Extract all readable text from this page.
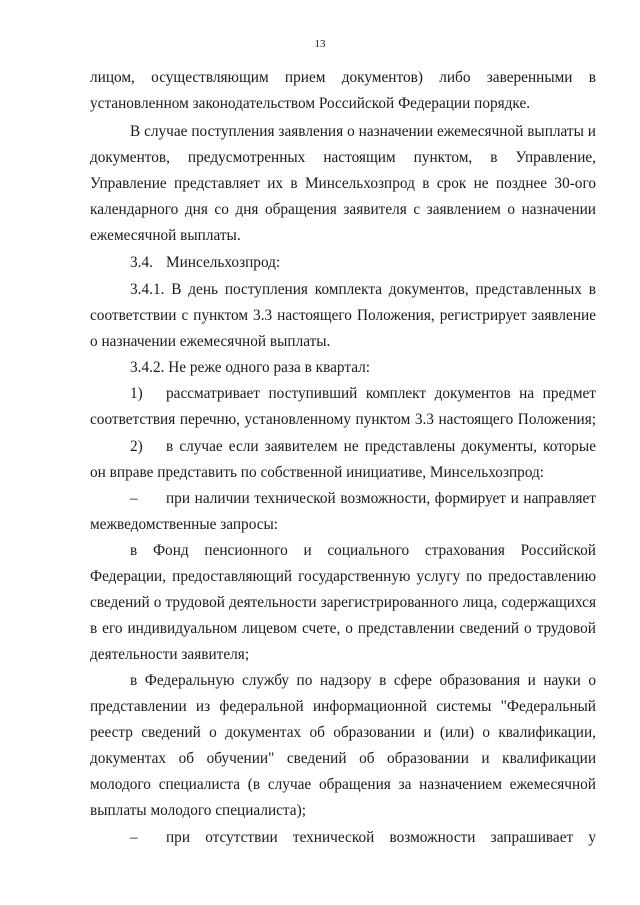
13
лицом, осуществляющим прием документов) либо заверенными в
установленном законодательством Российской Федерации порядке.
В случае поступления заявления о назначении ежемесячной выплаты и
документов, предусмотренных настоящим пунктом, в Управление,
Управление представляет их в Минсельхозпрод в срок не позднее 30-ого
календарного дня со дня обращения заявителя с заявлением о назначении
ежемесячной выплаты.
3.4. Минсельхозпрод:
3.4.1. В день поступления комплекта документов, представленных в
соответствии с пунктом 3.3 настоящего Положения, регистрирует заявление
о назначении ежемесячной выплаты.
3.4.2. Не реже одного раза в квартал:
1) рассматривает поступивший комплект документов на предмет
соответствия перечню, установленному пунктом 3.3 настоящего Положения;
2) в случае если заявителем не представлены документы, которые
он вправе представить по собственной инициативе, Минсельхозпрод:
– при наличии технической возможности, формирует и направляет
межведомственные запросы:
в Фонд пенсионного и социального страхования Российской
Федерации, предоставляющий государственную услугу по предоставлению
сведений о трудовой деятельности зарегистрированного лица, содержащихся
в его индивидуальном лицевом счете, о представлении сведений о трудовой
деятельности заявителя;
в Федеральную службу по надзору в сфере образования и науки о
представлении из федеральной информационной системы "Федеральный
реестр сведений о документах об образовании и (или) о квалификации,
документах об обучении" сведений об образовании и квалификации
молодого специалиста (в случае обращения за назначением ежемесячной
выплаты молодого специалиста);
– при отсутствии технической возможности запрашивает у
